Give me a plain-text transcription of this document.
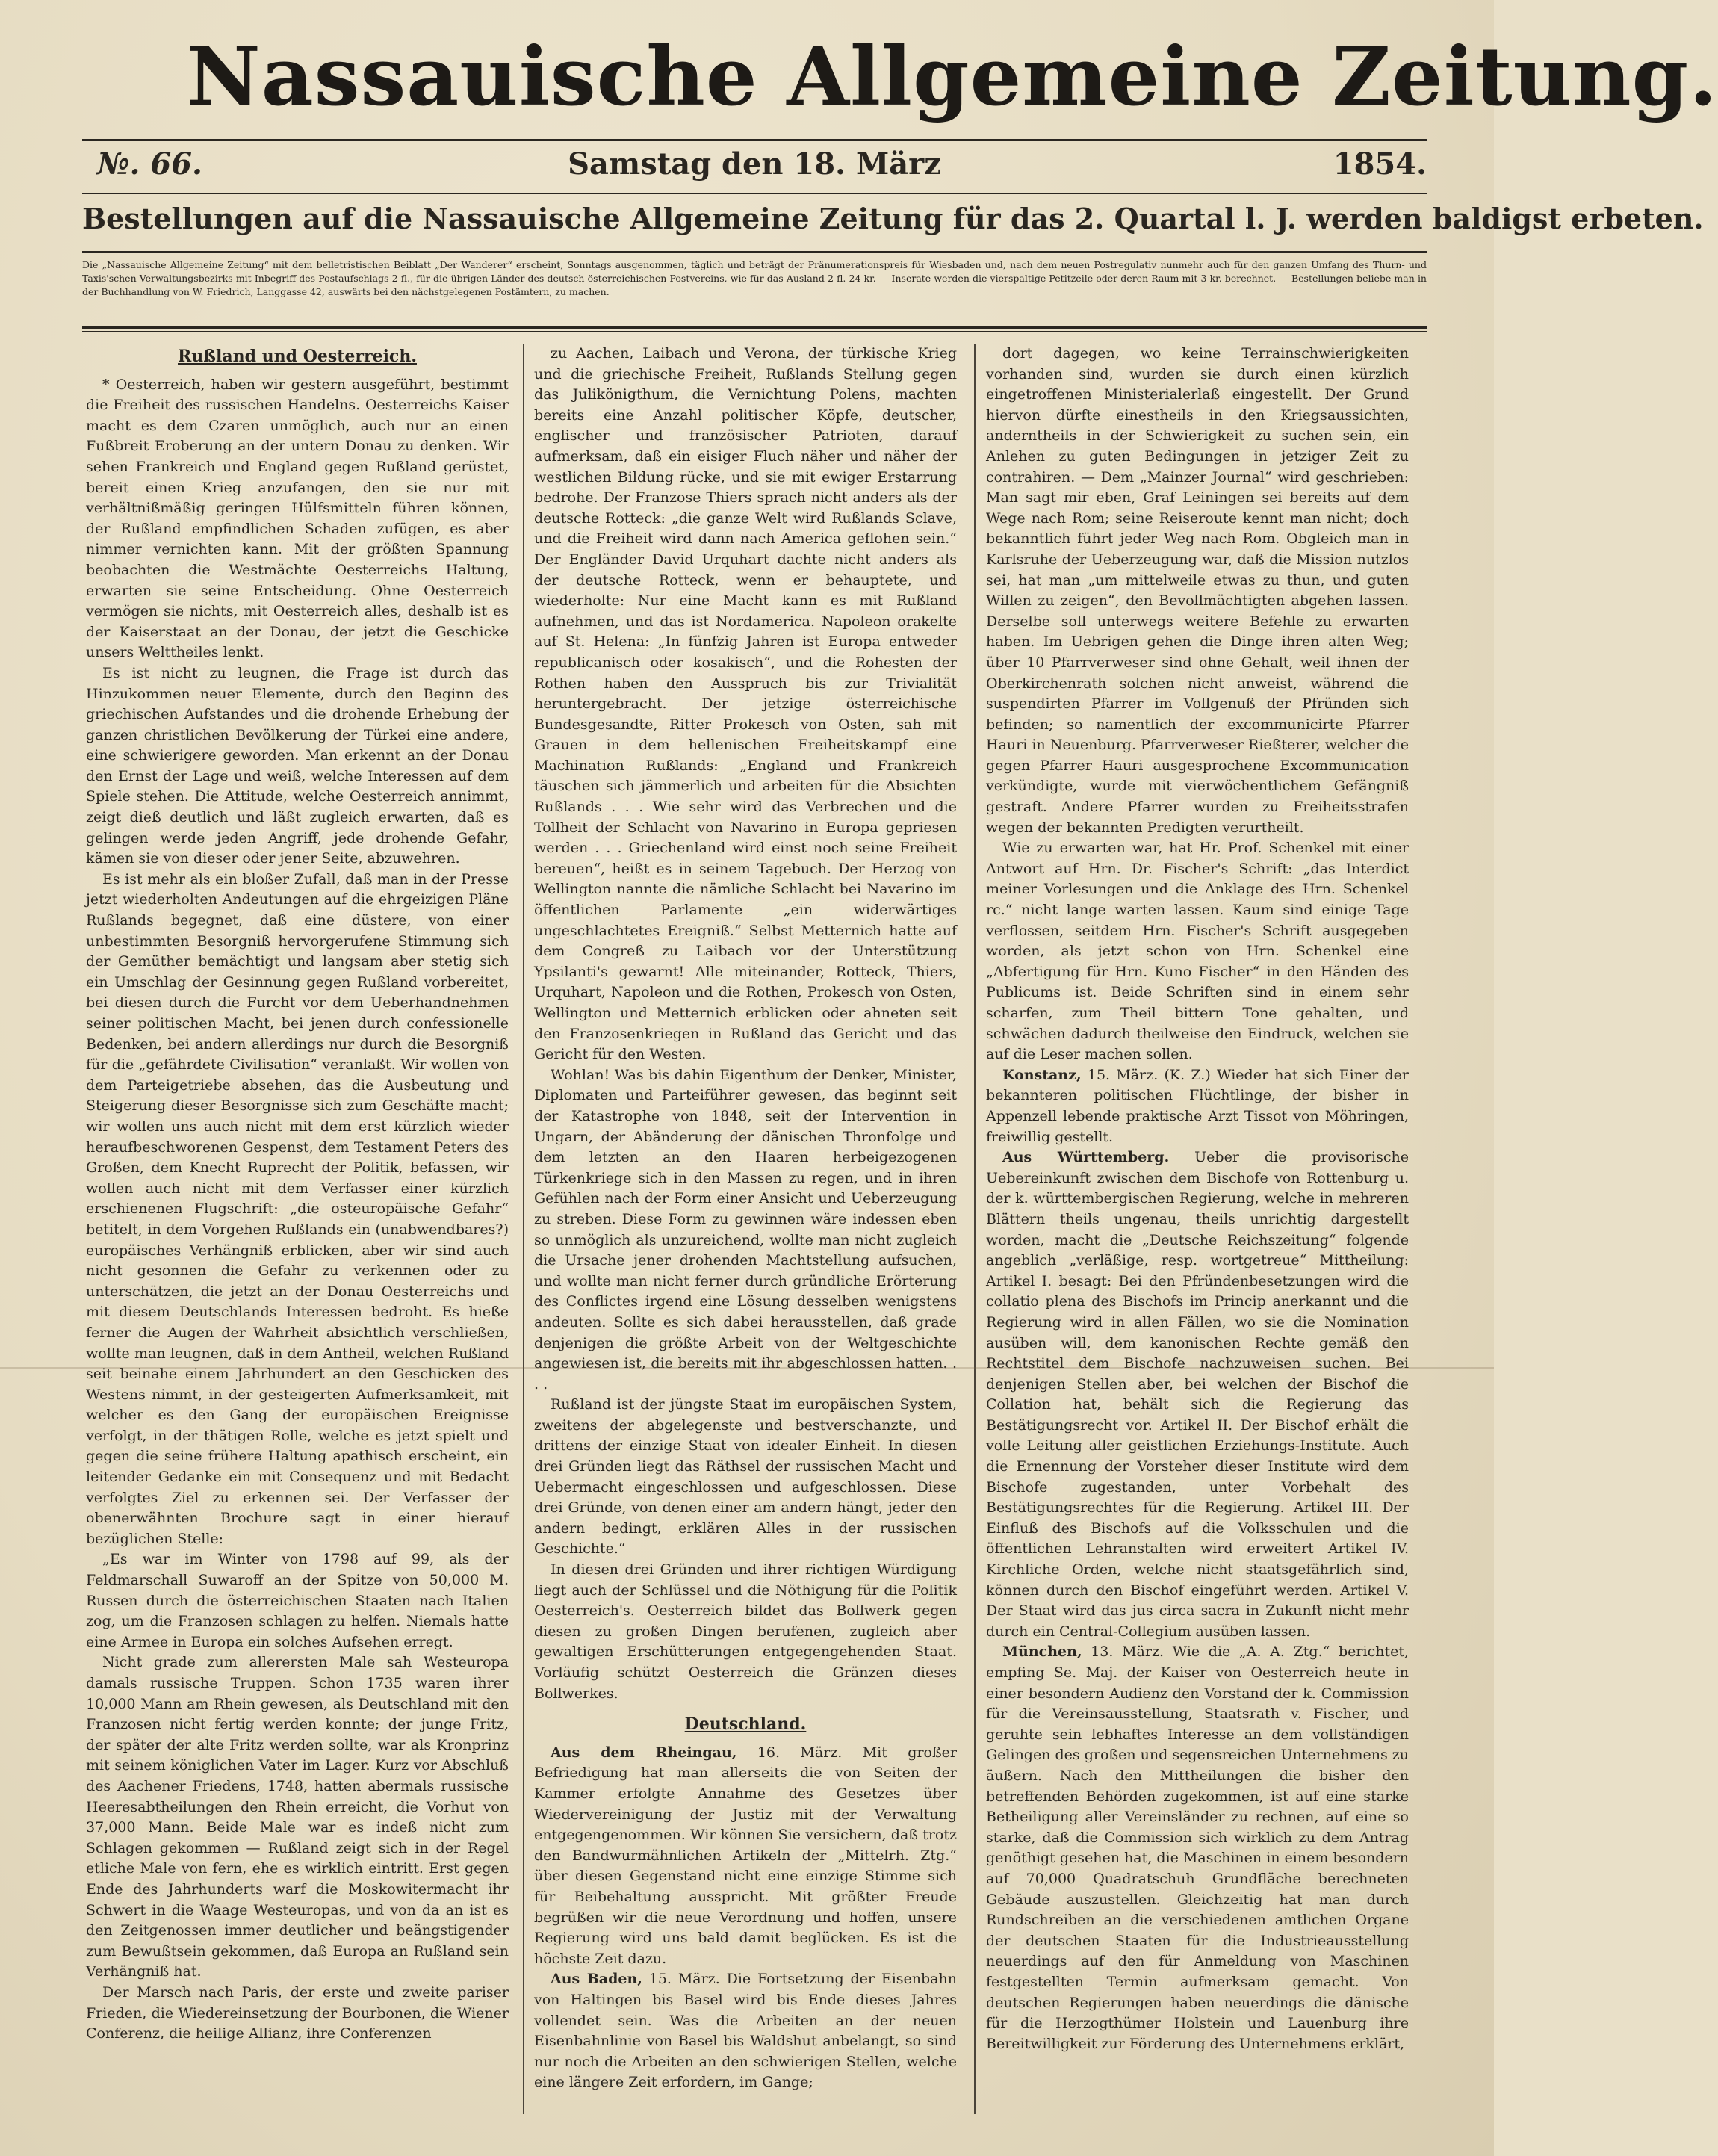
Nassauische Allgemeine Zeitung.
№. 66.	Samstag den 18. März	1854.
Bestellungen auf die Nassauische Allgemeine Zeitung für das 2. Quartal l. J. werden baldigst erbeten.
Die „Nassauische Allgemeine Zeitung“ mit dem belletristischen Beiblatt „Der Wanderer“ erscheint, Sonntags ausgenommen, täglich und beträgt der Pränumerationspreis für Wiesbaden und, nach dem neuen Postregulativ nunmehr auch für den ganzen Umfang des Thurn- und Taxis'schen Verwaltungsbezirks mit Inbegriff des Postaufschlags 2 fl., für die übrigen Länder des deutsch-österreichischen Postvereins, wie für das Ausland 2 fl. 24 kr. — Inserate werden die vierspaltige Petitzeile oder deren Raum mit 3 kr. berechnet. — Bestellungen beliebe man in der Buchhandlung von W. Friedrich, Langgasse 42, auswärts bei den nächstgelegenen Postämtern, zu machen.
Rußland und Oesterreich.

* Oesterreich, haben wir gestern ausgeführt, bestimmt die Freiheit des russischen Handelns. Oesterreichs Kaiser macht es dem Czaren unmöglich, auch nur an einen Fußbreit Eroberung an der untern Donau zu denken. Wir sehen Frankreich und England gegen Rußland gerüstet, bereit einen Krieg anzufangen, den sie nur mit verhältnißmäßig geringen Hülfsmitteln führen können, der Rußland empfindlichen Schaden zufügen, es aber nimmer vernichten kann. Mit der größten Spannung beobachten die Westmächte Oesterreichs Haltung, erwarten sie seine Entscheidung. Ohne Oesterreich vermögen sie nichts, mit Oesterreich alles, deshalb ist es der Kaiserstaat an der Donau, der jetzt die Geschicke unsers Welttheiles lenkt.

Es ist nicht zu leugnen, die Frage ist durch das Hinzukommen neuer Elemente, durch den Beginn des griechischen Aufstandes und die drohende Erhebung der ganzen christlichen Bevölkerung der Türkei eine andere, eine schwierigere geworden. Man erkennt an der Donau den Ernst der Lage und weiß, welche Interessen auf dem Spiele stehen. Die Attitude, welche Oesterreich annimmt, zeigt dieß deutlich und läßt zugleich erwarten, daß es gelingen werde jeden Angriff, jede drohende Gefahr, kämen sie von dieser oder jener Seite, abzuwehren.

Es ist mehr als ein bloßer Zufall, daß man in der Presse jetzt wiederholten Andeutungen auf die ehrgeizigen Pläne Rußlands begegnet, daß eine düstere, von einer unbestimmten Besorgniß hervorgerufene Stimmung sich der Gemüther bemächtigt und langsam aber stetig sich ein Umschlag der Gesinnung gegen Rußland vorbereitet, bei diesen durch die Furcht vor dem Ueberhandnehmen seiner politischen Macht, bei jenen durch confessionelle Bedenken, bei andern allerdings nur durch die Besorgniß für die „gefährdete Civilisation“ veranlaßt. Wir wollen von dem Parteigetriebe absehen, das die Ausbeutung und Steigerung dieser Besorgnisse sich zum Geschäfte macht; wir wollen uns auch nicht mit dem erst kürzlich wieder heraufbeschworenen Gespenst, dem Testament Peters des Großen, dem Knecht Ruprecht der Politik, befassen, wir wollen auch nicht mit dem Verfasser einer kürzlich erschienenen Flugschrift: „die osteuropäische Gefahr“ betitelt, in dem Vorgehen Rußlands ein (unabwendbares?) europäisches Verhängniß erblicken, aber wir sind auch nicht gesonnen die Gefahr zu verkennen oder zu unterschätzen, die jetzt an der Donau Oesterreichs und mit diesem Deutschlands Interessen bedroht. Es hieße ferner die Augen der Wahrheit absichtlich verschließen, wollte man leugnen, daß in dem Antheil, welchen Rußland seit beinahe einem Jahrhundert an den Geschicken des Westens nimmt, in der gesteigerten Aufmerksamkeit, mit welcher es den Gang der europäischen Ereignisse verfolgt, in der thätigen Rolle, welche es jetzt spielt und gegen die seine frühere Haltung apathisch erscheint, ein leitender Gedanke ein mit Consequenz und mit Bedacht verfolgtes Ziel zu erkennen sei. Der Verfasser der obenerwähnten Brochure sagt in einer hierauf bezüglichen Stelle:

„Es war im Winter von 1798 auf 99, als der Feldmarschall Suwaroff an der Spitze von 50,000 M. Russen durch die österreichischen Staaten nach Italien zog, um die Franzosen schlagen zu helfen. Niemals hatte eine Armee in Europa ein solches Aufsehen erregt.

Nicht grade zum allerersten Male sah Westeuropa damals russische Truppen. Schon 1735 waren ihrer 10,000 Mann am Rhein gewesen, als Deutschland mit den Franzosen nicht fertig werden konnte; der junge Fritz, der später der alte Fritz werden sollte, war als Kronprinz mit seinem königlichen Vater im Lager. Kurz vor Abschluß des Aachener Friedens, 1748, hatten abermals russische Heeresabtheilungen den Rhein erreicht, die Vorhut von 37,000 Mann. Beide Male war es indeß nicht zum Schlagen gekommen — Rußland zeigt sich in der Regel etliche Male von fern, ehe es wirklich eintritt. Erst gegen Ende des Jahrhunderts warf die Moskowitermacht ihr Schwert in die Waage Westeuropas, und von da an ist es den Zeitgenossen immer deutlicher und beängstigender zum Bewußtsein gekommen, daß Europa an Rußland sein Verhängniß hat.

Der Marsch nach Paris, der erste und zweite pariser Frieden, die Wiedereinsetzung der Bourbonen, die Wiener Conferenz, die heilige Allianz, ihre Conferenzen

zu Aachen, Laibach und Verona, der türkische Krieg und die griechische Freiheit, Rußlands Stellung gegen das Julikönigthum, die Vernichtung Polens, machten bereits eine Anzahl politischer Köpfe, deutscher, englischer und französischer Patrioten, darauf aufmerksam, daß ein eisiger Fluch näher und näher der westlichen Bildung rücke, und sie mit ewiger Erstarrung bedrohe. Der Franzose Thiers sprach nicht anders als der deutsche Rotteck: „die ganze Welt wird Rußlands Sclave, und die Freiheit wird dann nach America geflohen sein.“ Der Engländer David Urquhart dachte nicht anders als der deutsche Rotteck, wenn er behauptete, und wiederholte: Nur eine Macht kann es mit Rußland aufnehmen, und das ist Nordamerica. Napoleon orakelte auf St. Helena: „In fünfzig Jahren ist Europa entweder republicanisch oder kosakisch“, und die Rohesten der Rothen haben den Ausspruch bis zur Trivialität heruntergebracht. Der jetzige österreichische Bundesgesandte, Ritter Prokesch von Osten, sah mit Grauen in dem hellenischen Freiheitskampf eine Machination Rußlands: „England und Frankreich täuschen sich jämmerlich und arbeiten für die Absichten Rußlands . . . Wie sehr wird das Verbrechen und die Tollheit der Schlacht von Navarino in Europa gepriesen werden . . . Griechenland wird einst noch seine Freiheit bereuen“, heißt es in seinem Tagebuch. Der Herzog von Wellington nannte die nämliche Schlacht bei Navarino im öffentlichen Parlamente „ein widerwärtiges ungeschlachtetes Ereigniß.“ Selbst Metternich hatte auf dem Congreß zu Laibach vor der Unterstützung Ypsilanti's gewarnt! Alle miteinander, Rotteck, Thiers, Urquhart, Napoleon und die Rothen, Prokesch von Osten, Wellington und Metternich erblicken oder ahneten seit den Franzosenkriegen in Rußland das Gericht und das Gericht für den Westen.

Wohlan! Was bis dahin Eigenthum der Denker, Minister, Diplomaten und Parteiführer gewesen, das beginnt seit der Katastrophe von 1848, seit der Intervention in Ungarn, der Abänderung der dänischen Thronfolge und dem letzten an den Haaren herbeigezogenen Türkenkriege sich in den Massen zu regen, und in ihren Gefühlen nach der Form einer Ansicht und Ueberzeugung zu streben. Diese Form zu gewinnen wäre indessen eben so unmöglich als unzureichend, wollte man nicht zugleich die Ursache jener drohenden Machtstellung aufsuchen, und wollte man nicht ferner durch gründliche Erörterung des Conflictes irgend eine Lösung desselben wenigstens andeuten. Sollte es sich dabei herausstellen, daß grade denjenigen die größte Arbeit von der Weltgeschichte angewiesen ist, die bereits mit ihr abgeschlossen hatten. . . .

Rußland ist der jüngste Staat im europäischen System, zweitens der abgelegenste und bestverschanzte, und drittens der einzige Staat von idealer Einheit. In diesen drei Gründen liegt das Räthsel der russischen Macht und Uebermacht eingeschlossen und aufgeschlossen. Diese drei Gründe, von denen einer am andern hängt, jeder den andern bedingt, erklären Alles in der russischen Geschichte.“

In diesen drei Gründen und ihrer richtigen Würdigung liegt auch der Schlüssel und die Nöthigung für die Politik Oesterreich's. Oesterreich bildet das Bollwerk gegen diesen zu großen Dingen berufenen, zugleich aber gewaltigen Erschütterungen entgegengehenden Staat. Vorläufig schützt Oesterreich die Gränzen dieses Bollwerkes.

Deutschland.

Aus dem Rheingau, 16. März. Mit großer Befriedigung hat man allerseits die von Seiten der Kammer erfolgte Annahme des Gesetzes über Wiedervereinigung der Justiz mit der Verwaltung entgegengenommen. Wir können Sie versichern, daß trotz den Bandwurmähnlichen Artikeln der „Mittelrh. Ztg.“ über diesen Gegenstand nicht eine einzige Stimme sich für Beibehaltung ausspricht. Mit größter Freude begrüßen wir die neue Verordnung und hoffen, unsere Regierung wird uns bald damit beglücken. Es ist die höchste Zeit dazu.

Aus Baden, 15. März. Die Fortsetzung der Eisenbahn von Haltingen bis Basel wird bis Ende dieses Jahres vollendet sein. Was die Arbeiten an der neuen Eisenbahnlinie von Basel bis Waldshut anbelangt, so sind nur noch die Arbeiten an den schwierigen Stellen, welche eine längere Zeit erfordern, im Gange;

dort dagegen, wo keine Terrainschwierigkeiten vorhanden sind, wurden sie durch einen kürzlich eingetroffenen Ministerialerlaß eingestellt. Der Grund hiervon dürfte einestheils in den Kriegsaussichten, anderntheils in der Schwierigkeit zu suchen sein, ein Anlehen zu guten Bedingungen in jetziger Zeit zu contrahiren. — Dem „Mainzer Journal“ wird geschrieben: Man sagt mir eben, Graf Leiningen sei bereits auf dem Wege nach Rom; seine Reiseroute kennt man nicht; doch bekanntlich führt jeder Weg nach Rom. Obgleich man in Karlsruhe der Ueberzeugung war, daß die Mission nutzlos sei, hat man „um mittelweile etwas zu thun, und guten Willen zu zeigen“, den Bevollmächtigten abgehen lassen. Derselbe soll unterwegs weitere Befehle zu erwarten haben. Im Uebrigen gehen die Dinge ihren alten Weg; über 10 Pfarrverweser sind ohne Gehalt, weil ihnen der Oberkirchenrath solchen nicht anweist, während die suspendirten Pfarrer im Vollgenuß der Pfründen sich befinden; so namentlich der excommunicirte Pfarrer Hauri in Neuenburg. Pfarrverweser Rießterer, welcher die gegen Pfarrer Hauri ausgesprochene Excommunication verkündigte, wurde mit vierwöchentlichem Gefängniß gestraft. Andere Pfarrer wurden zu Freiheitsstrafen wegen der bekannten Predigten verurtheilt.

Wie zu erwarten war, hat Hr. Prof. Schenkel mit einer Antwort auf Hrn. Dr. Fischer's Schrift: „das Interdict meiner Vorlesungen und die Anklage des Hrn. Schenkel rc.“ nicht lange warten lassen. Kaum sind einige Tage verflossen, seitdem Hrn. Fischer's Schrift ausgegeben worden, als jetzt schon von Hrn. Schenkel eine „Abfertigung für Hrn. Kuno Fischer“ in den Händen des Publicums ist. Beide Schriften sind in einem sehr scharfen, zum Theil bittern Tone gehalten, und schwächen dadurch theilweise den Eindruck, welchen sie auf die Leser machen sollen.

Konstanz, 15. März. (K. Z.) Wieder hat sich Einer der bekannteren politischen Flüchtlinge, der bisher in Appenzell lebende praktische Arzt Tissot von Möhringen, freiwillig gestellt.

Aus Württemberg. Ueber die provisorische Uebereinkunft zwischen dem Bischofe von Rottenburg u. der k. württembergischen Regierung, welche in mehreren Blättern theils ungenau, theils unrichtig dargestellt worden, macht die „Deutsche Reichszeitung“ folgende angeblich „verläßige, resp. wortgetreue“ Mittheilung: Artikel I. besagt: Bei den Pfründenbesetzungen wird die collatio plena des Bischofs im Princip anerkannt und die Regierung wird in allen Fällen, wo sie die Nomination ausüben will, dem kanonischen Rechte gemäß den Rechtstitel dem Bischofe nachzuweisen suchen. Bei denjenigen Stellen aber, bei welchen der Bischof die Collation hat, behält sich die Regierung das Bestätigungsrecht vor. Artikel II. Der Bischof erhält die volle Leitung aller geistlichen Erziehungs-Institute. Auch die Ernennung der Vorsteher dieser Institute wird dem Bischofe zugestanden, unter Vorbehalt des Bestätigungsrechtes für die Regierung. Artikel III. Der Einfluß des Bischofs auf die Volksschulen und die öffentlichen Lehranstalten wird erweitert Artikel IV. Kirchliche Orden, welche nicht staatsgefährlich sind, können durch den Bischof eingeführt werden. Artikel V. Der Staat wird das jus circa sacra in Zukunft nicht mehr durch ein Central-Collegium ausüben lassen.

München, 13. März. Wie die „A. A. Ztg.“ berichtet, empfing Se. Maj. der Kaiser von Oesterreich heute in einer besondern Audienz den Vorstand der k. Commission für die Vereinsausstellung, Staatsrath v. Fischer, und geruhte sein lebhaftes Interesse an dem vollständigen Gelingen des großen und segensreichen Unternehmens zu äußern. Nach den Mittheilungen die bisher den betreffenden Behörden zugekommen, ist auf eine starke Betheiligung aller Vereinsländer zu rechnen, auf eine so starke, daß die Commission sich wirklich zu dem Antrag genöthigt gesehen hat, die Maschinen in einem besondern auf 70,000 Quadratschuh Grundfläche berechneten Gebäude auszustellen. Gleichzeitig hat man durch Rundschreiben an die verschiedenen amtlichen Organe der deutschen Staaten für die Industrieausstellung neuerdings auf den für Anmeldung von Maschinen festgestellten Termin aufmerksam gemacht. Von deutschen Regierungen haben neuerdings die dänische für die Herzogthümer Holstein und Lauenburg ihre Bereitwilligkeit zur Förderung des Unternehmens erklärt,
